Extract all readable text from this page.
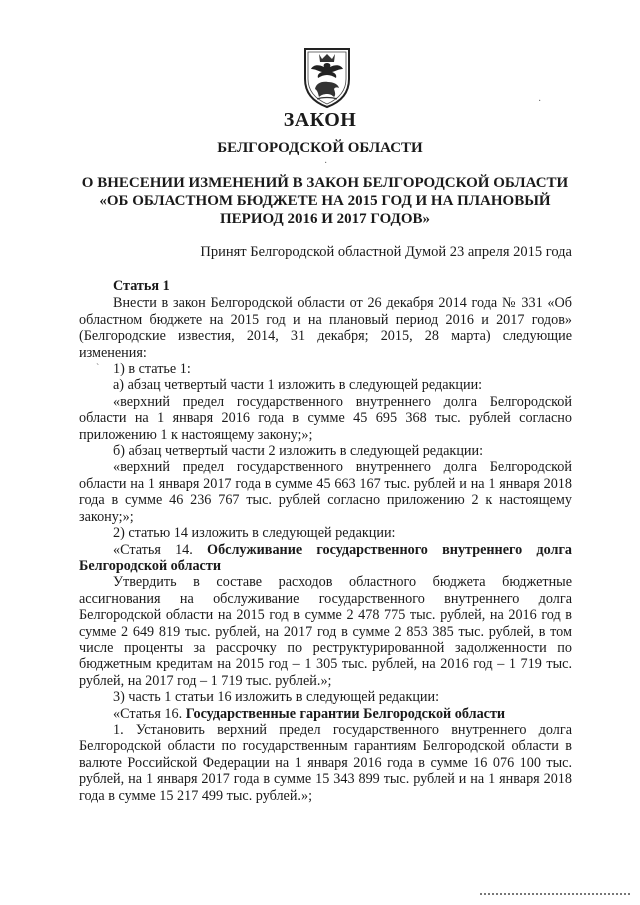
ЗАКОН
БЕЛГОРОДСКОЙ ОБЛАСТИ
О ВНЕСЕНИИ ИЗМЕНЕНИЙ В ЗАКОН БЕЛГОРОДСКОЙ ОБЛАСТИ «ОБ ОБЛАСТНОМ БЮДЖЕТЕ НА 2015 ГОД И НА ПЛАНОВЫЙ ПЕРИОД 2016 И 2017 ГОДОВ»
Принят Белгородской областной Думой 23 апреля 2015 года

Статья 1

Внести в закон Белгородской области от 26 декабря 2014 года № 331 «Об областном бюджете на 2015 год и на плановый период 2016 и 2017 годов» (Белгородские известия, 2014, 31 декабря; 2015, 28 марта) следующие изменения:

1) в статье 1:

а) абзац четвертый части 1 изложить в следующей редакции:

«верхний предел государственного внутреннего долга Белгородской области на 1 января 2016 года в сумме 45 695 368 тыс. рублей согласно приложению 1 к настоящему закону;»;

б) абзац четвертый части 2 изложить в следующей редакции:

«верхний предел государственного внутреннего долга Белгородской области на 1 января 2017 года в сумме 45 663 167 тыс. рублей и на 1 января 2018 года в сумме 46 236 767 тыс. рублей согласно приложению 2 к настоящему закону;»;

2) статью 14 изложить в следующей редакции:

«Статья 14. Обслуживание государственного внутреннего долга Белгородской области

Утвердить в составе расходов областного бюджета бюджетные ассигнования на обслуживание государственного внутреннего долга Белгородской области на 2015 год в сумме 2 478 775 тыс. рублей, на 2016 год в сумме 2 649 819 тыс. рублей, на 2017 год в сумме 2 853 385 тыс. рублей, в том числе проценты за рассрочку по реструктурированной задолженности по бюджетным кредитам на 2015 год – 1 305 тыс. рублей, на 2016 год – 1 719 тыс. рублей, на 2017 год – 1 719 тыс. рублей.»;

3) часть 1 статьи 16 изложить в следующей редакции:

«Статья 16. Государственные гарантии Белгородской области

1. Установить верхний предел государственного внутреннего долга Белгородской области по государственным гарантиям Белгородской области в валюте Российской Федерации на 1 января 2016 года в сумме 16 076 100 тыс. рублей, на 1 января 2017 года в сумме 15 343 899 тыс. рублей и на 1 января 2018 года в сумме 15 217 499 тыс. рублей.»;

·
`
·
